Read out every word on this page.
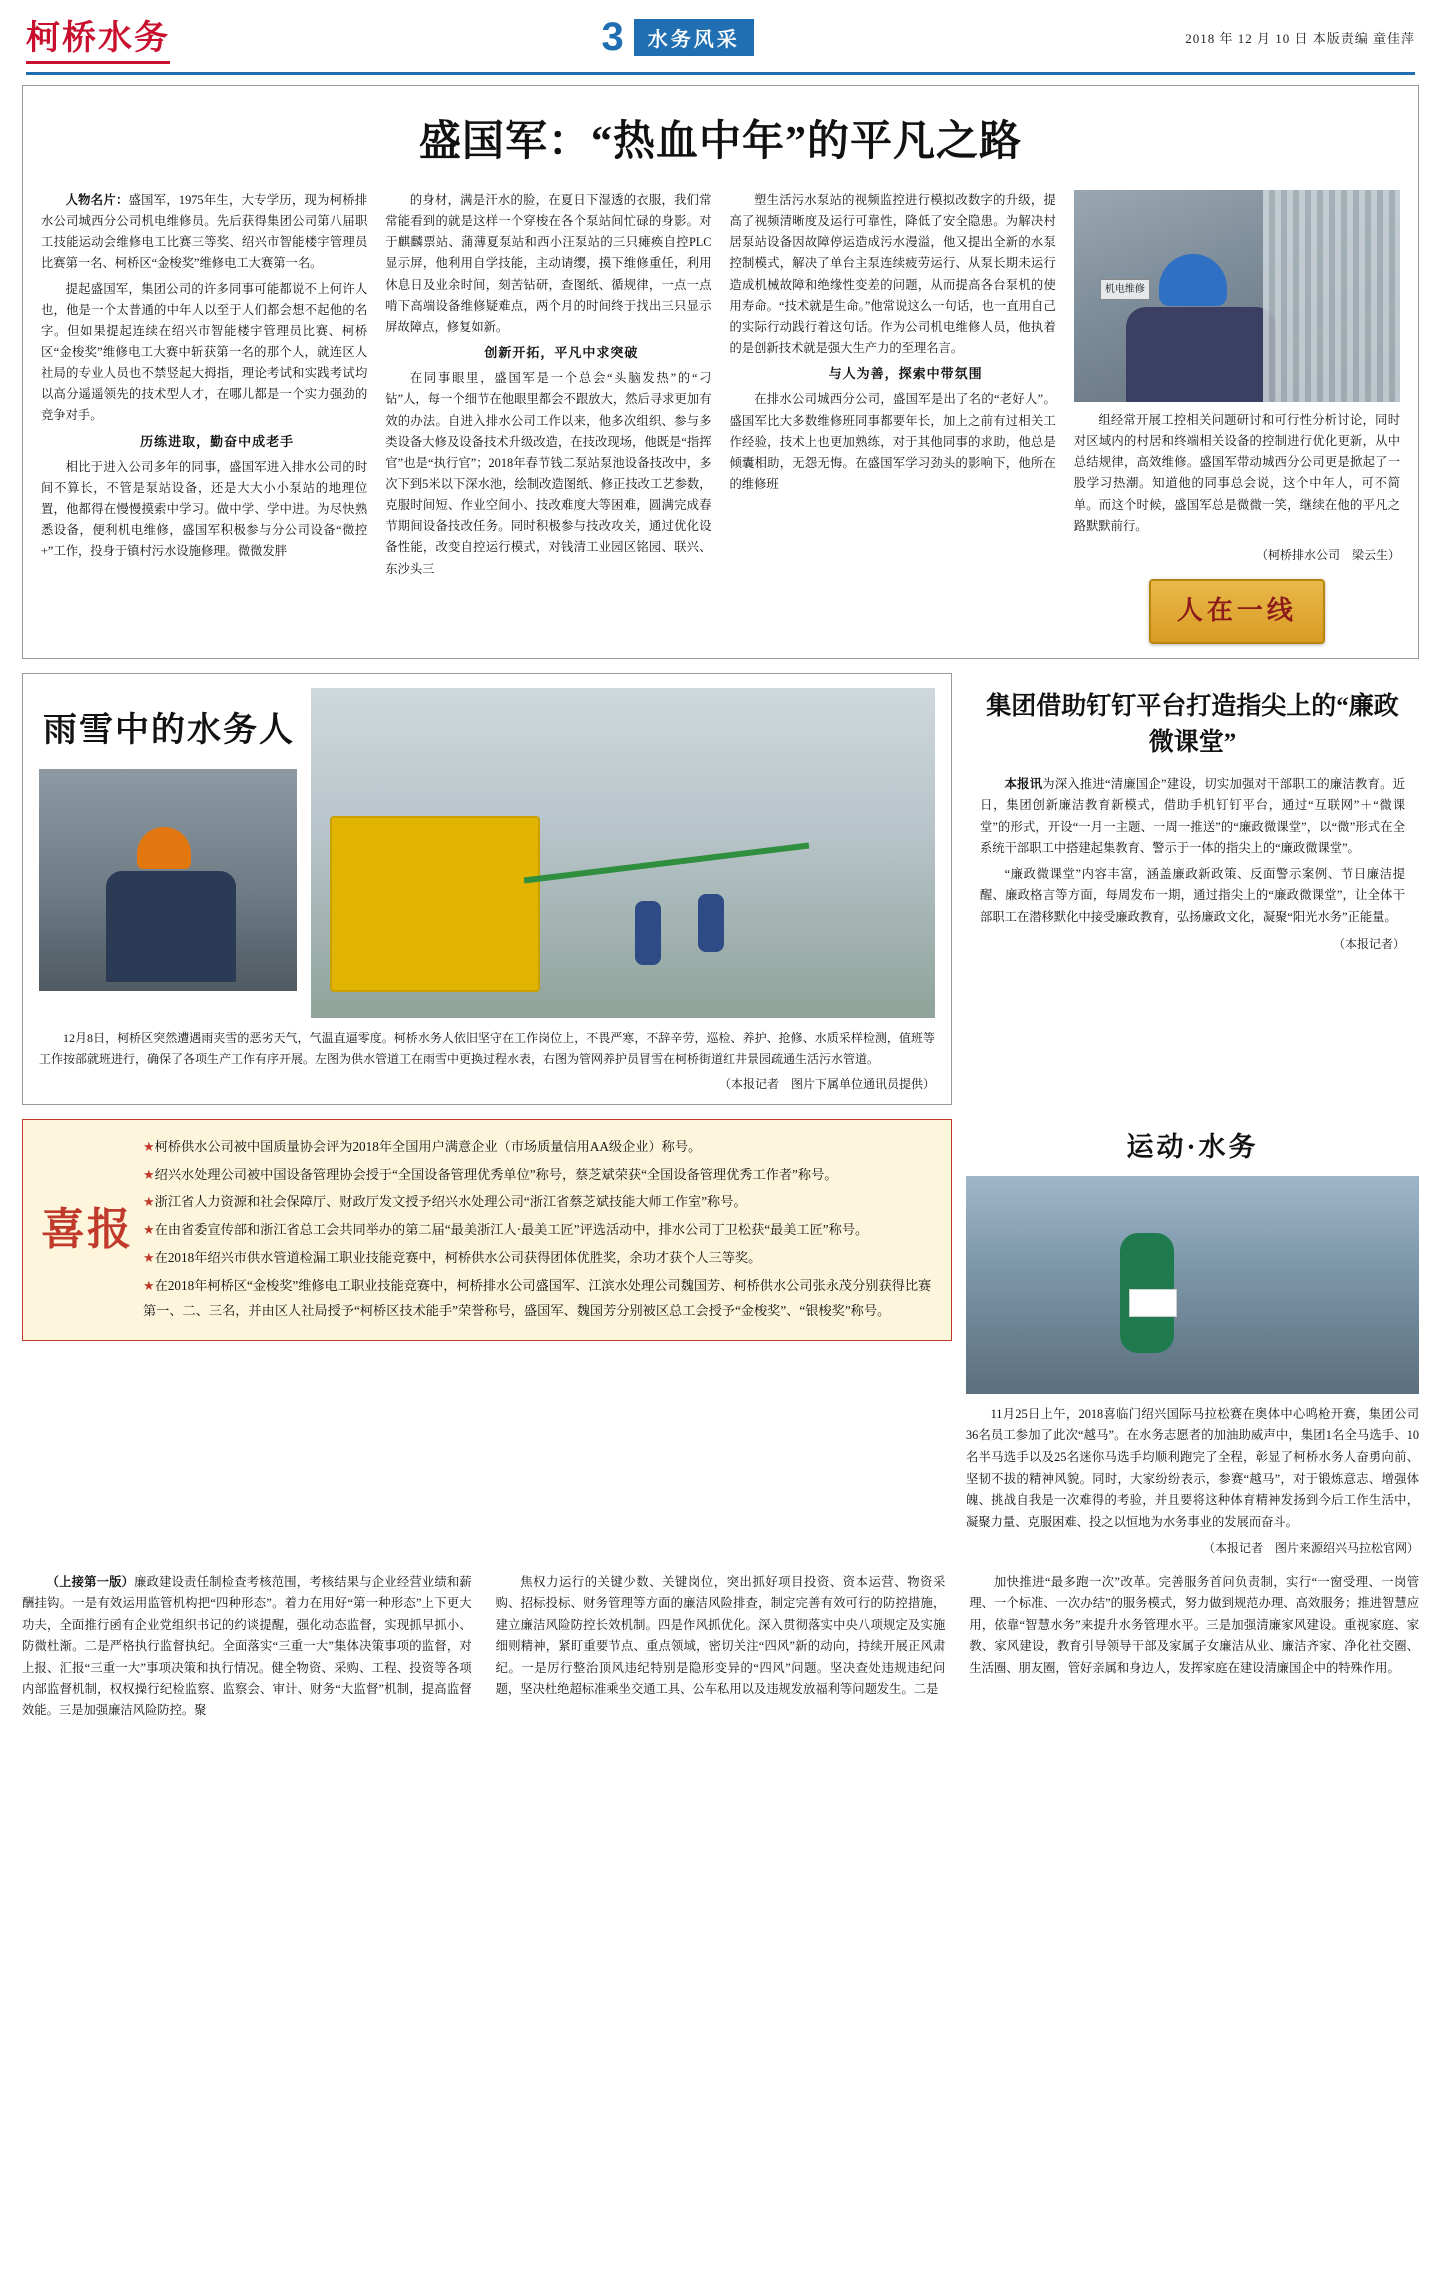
柯桥水务	3	水务风采	2018 年 12 月 10 日 本版责编 童佳萍
盛国军：“热血中年”的平凡之路

人物名片：盛国军，1975年生，大专学历，现为柯桥排水公司城西分公司机电维修员。先后获得集团公司第八届职工技能运动会维修电工比赛三等奖、绍兴市智能楼宇管理员比赛第一名、柯桥区“金梭奖”维修电工大赛第一名。

提起盛国军，集团公司的许多同事可能都说不上何许人也，他是一个太普通的中年人以至于人们都会想不起他的名字。但如果提起连续在绍兴市智能楼宇管理员比赛、柯桥区“金梭奖”维修电工大赛中斩获第一名的那个人，就连区人社局的专业人员也不禁竖起大拇指，理论考试和实践考试均以高分遥遥领先的技术型人才，在哪儿都是一个实力强劲的竞争对手。

历练进取，勤奋中成老手

相比于进入公司多年的同事，盛国军进入排水公司的时间不算长，不管是泵站设备，还是大大小小泵站的地理位置，他都得在慢慢摸索中学习。做中学、学中进。为尽快熟悉设备，便利机电维修，盛国军积极参与分公司设备“微控+”工作，投身于镇村污水设施修理。微微发胖

的身材，满是汗水的脸，在夏日下湿透的衣服，我们常常能看到的就是这样一个穿梭在各个泵站间忙碌的身影。对于麒麟票站、蒲薄夏泵站和西小汪泵站的三只瘫痪自控PLC显示屏，他利用自学技能，主动请缨，摸下维修重任，利用休息日及业余时间，刻苦钻研，查图纸、循规律，一点一点啃下高端设备维修疑难点，两个月的时间终于找出三只显示屏故障点，修复如新。

创新开拓，平凡中求突破

在同事眼里，盛国军是一个总会“头脑发热”的“刁钻”人，每一个细节在他眼里都会不跟放大，然后寻求更加有效的办法。自进入排水公司工作以来，他多次组织、参与多类设备大修及设备技术升级改造，在技改现场，他既是“指挥官”也是“执行官”；2018年春节钱二泵站泵池设备技改中，多次下到5米以下深水池，绘制改造图纸、修正技改工艺参数，克服时间短、作业空间小、技改难度大等困难，圆满完成春节期间设备技改任务。同时积极参与技改攻关，通过优化设备性能，改变自控运行模式，对钱清工业园区铭园、联兴、东沙头三

塑生活污水泵站的视频监控进行模拟改数字的升级，提高了视频清晰度及运行可靠性，降低了安全隐患。为解决村居泵站设备因故障停运造成污水漫溢，他又提出全新的水泵控制模式，解决了单台主泵连续疲劳运行、从泵长期未运行造成机械故障和绝缘性变差的问题，从而提高各台泵机的使用寿命。“技术就是生命。”他常说这么一句话，也一直用自己的实际行动践行着这句话。作为公司机电维修人员，他执着的是创新技术就是强大生产力的至理名言。

与人为善，探索中带氛围

在排水公司城西分公司，盛国军是出了名的“老好人”。盛国军比大多数维修班同事都要年长，加上之前有过相关工作经验，技术上也更加熟练，对于其他同事的求助，他总是倾囊相助，无怨无悔。在盛国军学习劲头的影响下，他所在的维修班

机电维修

组经常开展工控相关问题研讨和可行性分析讨论，同时对区域内的村居和终端相关设备的控制进行优化更新，从中总结规律，高效维修。盛国军带动城西分公司更是掀起了一股学习热潮。知道他的同事总会说，这个中年人，可不简单。而这个时候，盛国军总是微微一笑，继续在他的平凡之路默默前行。

（柯桥排水公司　梁云生）
人在一线
雨雪中的水务人
12月8日，柯桥区突然遭遇雨夹雪的恶劣天气，气温直逼零度。柯桥水务人依旧坚守在工作岗位上，不畏严寒，不辞辛劳，巡检、养护、抢修、水质采样检测，值班等工作按部就班进行，确保了各项生产工作有序开展。左图为供水管道工在雨雪中更换过程水表，右图为管网养护员冒雪在柯桥街道红井景园疏通生活污水管道。
（本报记者　图片下属单位通讯员提供）
集团借助钉钉平台打造指尖上的“廉政微课堂”

本报讯为深入推进“清廉国企”建设，切实加强对干部职工的廉洁教育。近日，集团创新廉洁教育新模式，借助手机钉钉平台，通过“互联网”＋“微课堂”的形式，开设“一月一主题、一周一推送”的“廉政微课堂”，以“微”形式在全系统干部职工中搭建起集教育、警示于一体的指尖上的“廉政微课堂”。

“廉政微课堂”内容丰富，涵盖廉政新政策、反面警示案例、节日廉洁提醒、廉政格言等方面，每周发布一期，通过指尖上的“廉政微课堂”，让全体干部职工在潜移默化中接受廉政教育，弘扬廉政文化，凝聚“阳光水务”正能量。

（本报记者）
喜报
★柯桥供水公司被中国质量协会评为2018年全国用户满意企业（市场质量信用AA级企业）称号。
★绍兴水处理公司被中国设备管理协会授于“全国设备管理优秀单位”称号，蔡芝斌荣获“全国设备管理优秀工作者”称号。
★浙江省人力资源和社会保障厅、财政厅发文授予绍兴水处理公司“浙江省蔡芝斌技能大师工作室”称号。
★在由省委宣传部和浙江省总工会共同举办的第二届“最美浙江人·最美工匠”评选活动中，排水公司丁卫松获“最美工匠”称号。
★在2018年绍兴市供水管道检漏工职业技能竞赛中，柯桥供水公司获得团体优胜奖，余功才获个人三等奖。
★在2018年柯桥区“金梭奖”维修电工职业技能竞赛中，柯桥排水公司盛国军、江滨水处理公司魏国芳、柯桥供水公司张永茂分别获得比赛第一、二、三名，并由区人社局授予“柯桥区技术能手”荣誉称号，盛国军、魏国芳分别被区总工会授予“金梭奖”、“银梭奖”称号。
运动·水务
11月25日上午，2018喜临门绍兴国际马拉松赛在奥体中心鸣枪开赛，集团公司36名员工参加了此次“越马”。在水务志愿者的加油助威声中，集团1名全马选手、10名半马选手以及25名迷你马选手均顺利跑完了全程，彰显了柯桥水务人奋勇向前、坚韧不拔的精神风貌。同时，大家纷纷表示，参赛“越马”，对于锻炼意志、增强体魄、挑战自我是一次难得的考验，并且要将这种体育精神发扬到今后工作生活中，凝聚力量、克服困难、投之以恒地为水务事业的发展而奋斗。
（本报记者　图片来源绍兴马拉松官网）

（上接第一版）廉政建设责任制检查考核范围，考核结果与企业经营业绩和薪酬挂钩。一是有效运用监管机构把“四种形态”。着力在用好“第一种形态”上下更大功夫，全面推行函有企业党组织书记的约谈提醒，强化动态监督，实现抓早抓小、防微杜渐。二是严格执行监督执纪。全面落实“三重一大”集体决策事项的监督，对上报、汇报“三重一大”事项决策和执行情况。健全物资、采购、工程、投资等各项内部监督机制，权权操行纪检监察、监察会、审计、财务“大监督”机制，提高监督效能。三是加强廉洁风险防控。聚

焦权力运行的关键少数、关键岗位，突出抓好项目投资、资本运营、物资采购、招标投标、财务管理等方面的廉洁风险排查，制定完善有效可行的防控措施，建立廉洁风险防控长效机制。四是作风抓优化。深入贯彻落实中央八项规定及实施细则精神，紧盯重要节点、重点领域，密切关注“四风”新的动向，持续开展正风肃纪。一是厉行整治顶风违纪特别是隐形变异的“四风”问题。坚决查处违规违纪问题，坚决杜绝超标准乘坐交通工具、公车私用以及违规发放福利等问题发生。二是

加快推进“最多跑一次”改革。完善服务首问负责制，实行“一窗受理、一岗管理、一个标准、一次办结”的服务模式，努力做到规范办理、高效服务；推进智慧应用，依靠“智慧水务”来提升水务管理水平。三是加强清廉家风建设。重视家庭、家教、家风建设，教育引导领导干部及家属子女廉洁从业、廉洁齐家、净化社交圈、生活圈、朋友圈，管好亲属和身边人，发挥家庭在建设清廉国企中的特殊作用。
